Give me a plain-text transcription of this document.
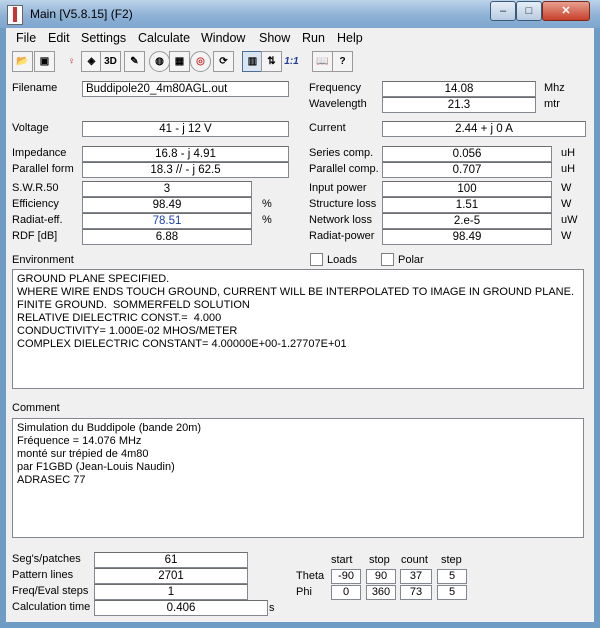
Main [V5.8.15] (F2)	–	□	✕
File Edit Settings Calculate Window Show Run Help
📂	▣	♀	◈ 3D	✎	◍	▦	◎	⟳	▥	⇅ 1:1	📖	?
Filename	Buddipole20_4m80AGL.out
Voltage	41 - j 12 V
Impedance	16.8 - j 4.91
Parallel form	18.3 // - j 62.5
S.W.R.50	3
Efficiency	98.49	%
Radiat-eff.	78.51	%
RDF [dB]	6.88
Frequency	14.08	Mhz
Wavelength	21.3	mtr
Current	2.44 + j 0 A
Series comp.	0.056	uH
Parallel comp.	0.707	uH
Input power	100	W
Structure loss	1.51	W
Network loss	2.e-5	uW
Radiat-power	98.49	W
Environment	Loads	Polar
GROUND PLANE SPECIFIED.
WHERE WIRE ENDS TOUCH GROUND, CURRENT WILL BE INTERPOLATED TO IMAGE IN GROUND PLANE.
FINITE GROUND.  SOMMERFELD SOLUTION
RELATIVE DIELECTRIC CONST.=  4.000
CONDUCTIVITY= 1.000E-02 MHOS/METER
COMPLEX DIELECTRIC CONSTANT= 4.00000E+00-1.27707E+01
Comment
Simulation du Buddipole (bande 20m)
Fréquence = 14.076 MHz
monté sur trépied de 4m80
par F1GBD (Jean-Louis Naudin)
ADRASEC 77
Seg's/patches	61
Pattern lines	2701
Freq/Eval steps	1
Calculation time	0.406	s
start stop count step
Theta	-90	90	37	5
Phi	0	360	73	5
